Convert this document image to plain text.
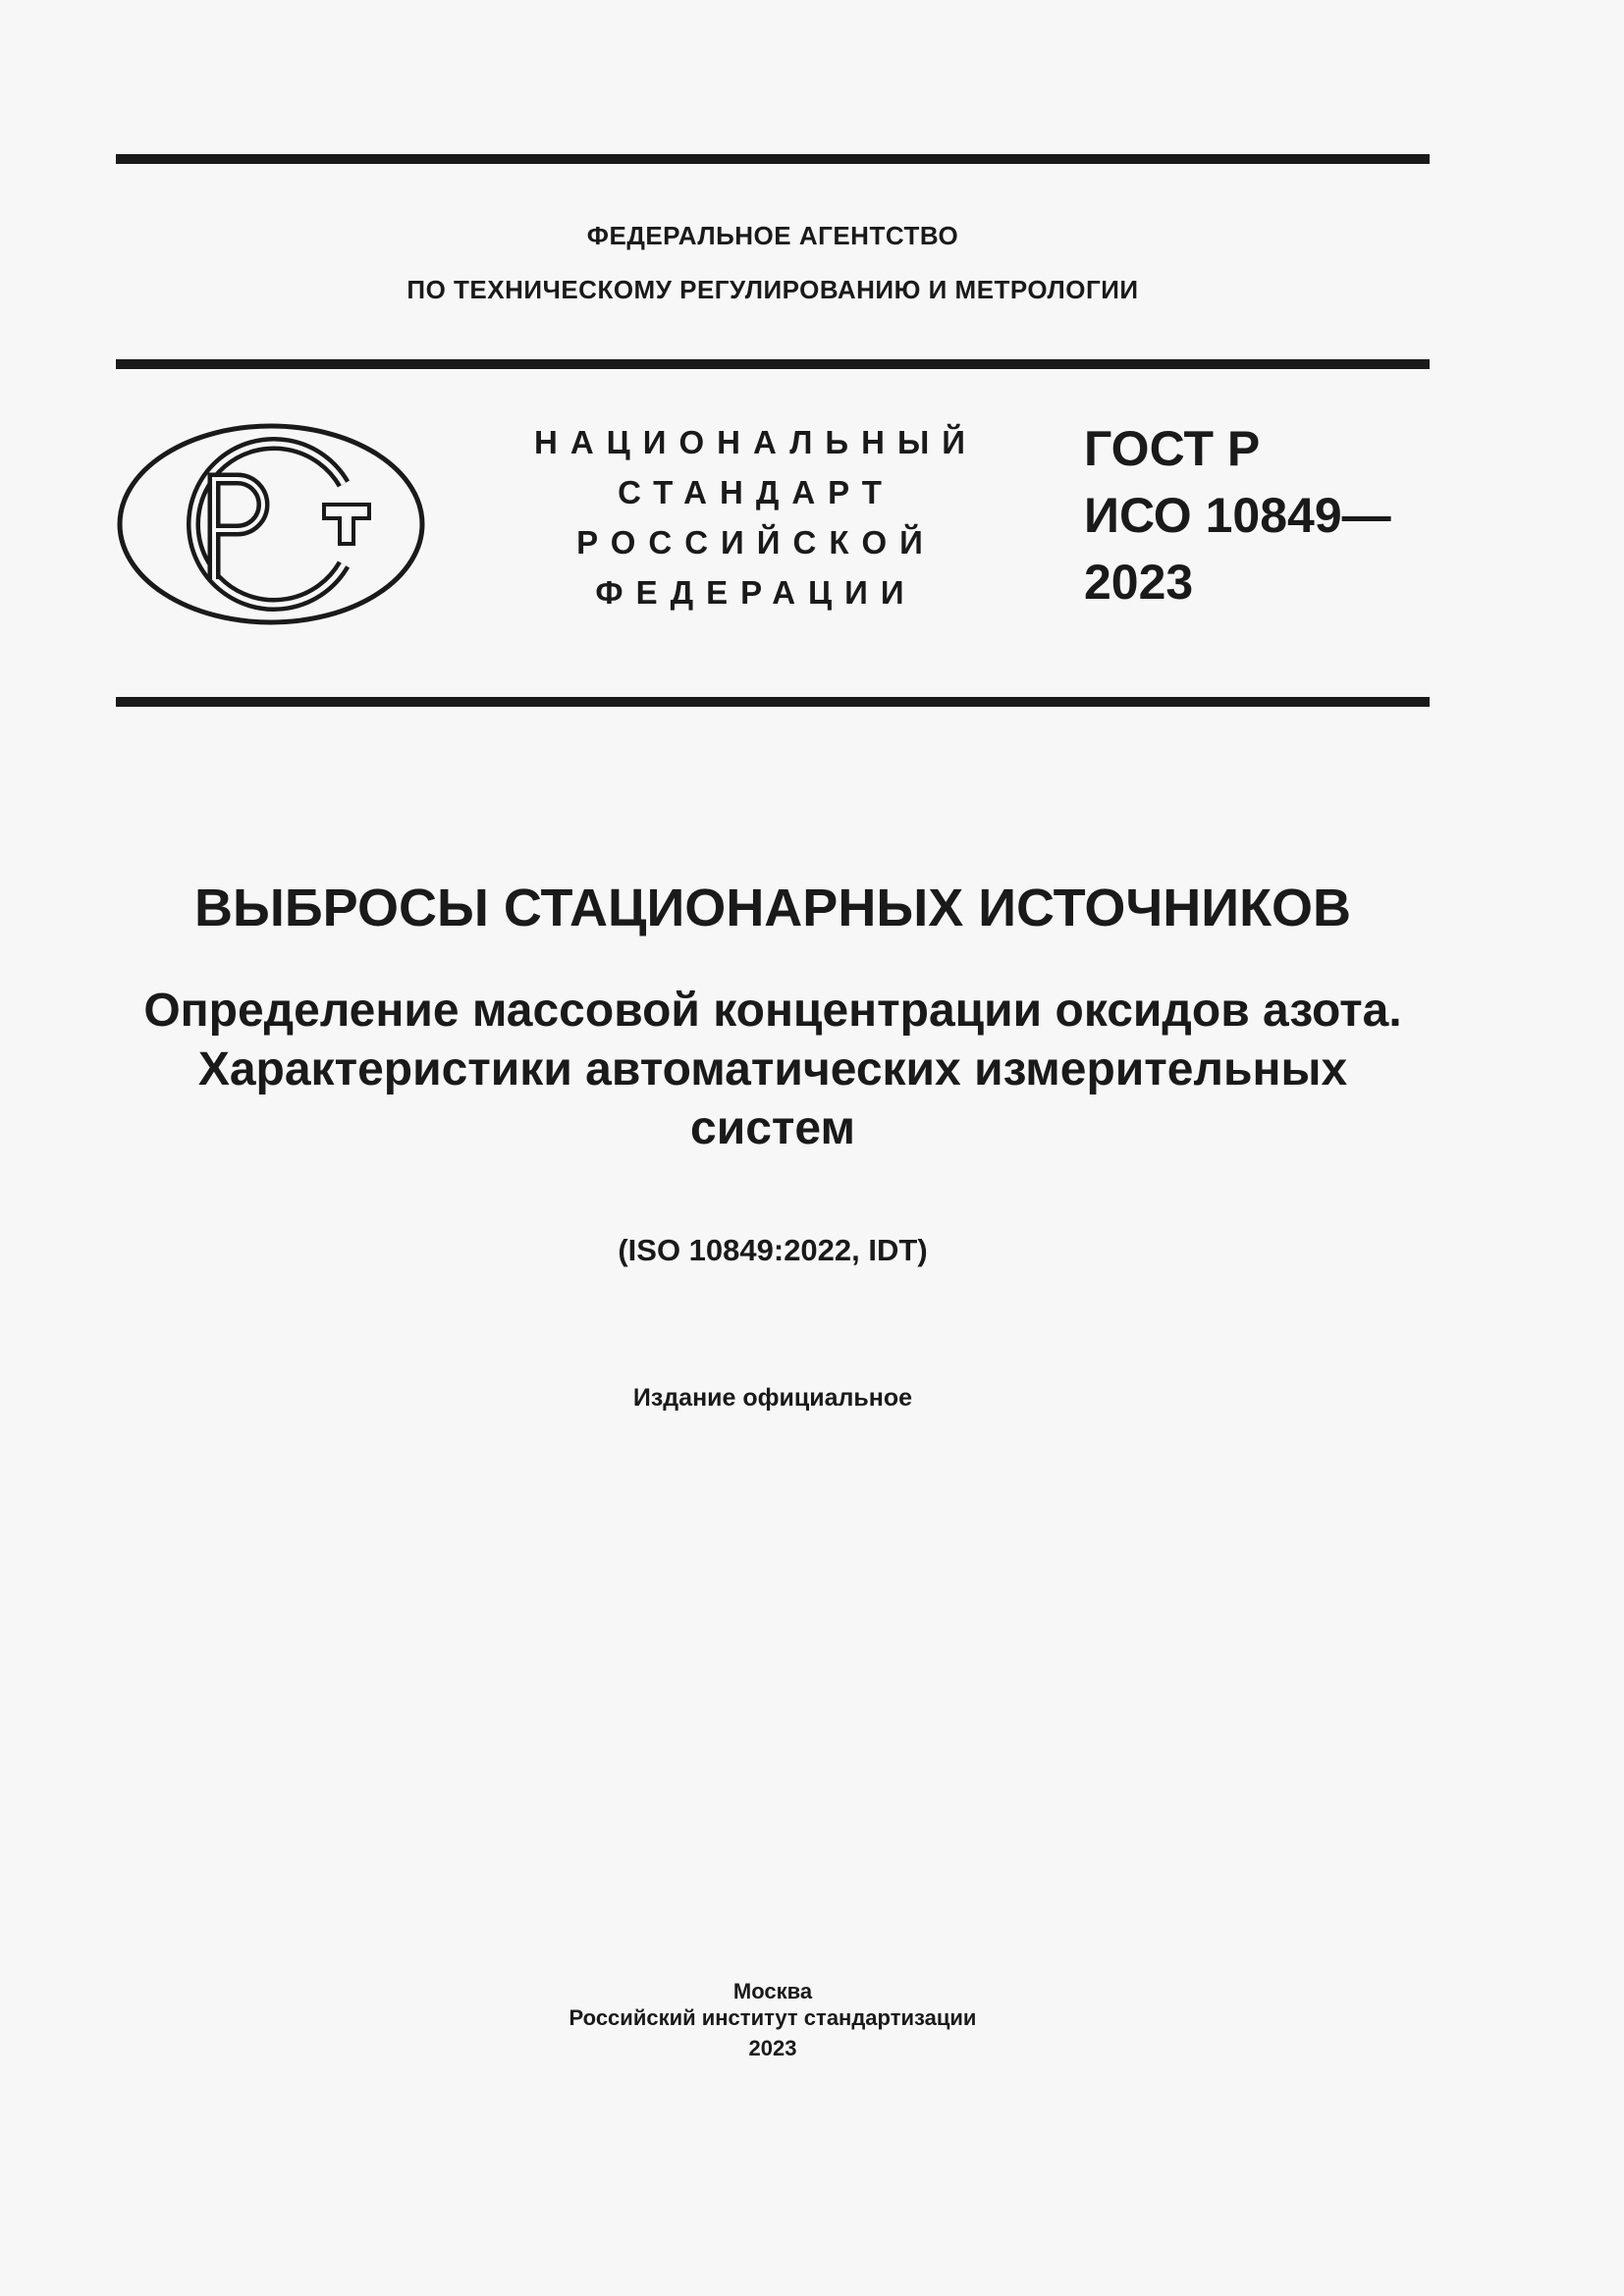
ФЕДЕРАЛЬНОЕ АГЕНТСТВО
ПО ТЕХНИЧЕСКОМУ РЕГУЛИРОВАНИЮ И МЕТРОЛОГИИ
НАЦИОНАЛЬНЫЙ
СТАНДАРТ
РОССИЙСКОЙ
ФЕДЕРАЦИИ
ГОСТ Р
ИСО 10849—
2023
ВЫБРОСЫ СТАЦИОНАРНЫХ ИСТОЧНИКОВ
Определение массовой концентрации оксидов азота.
Характеристики автоматических измерительных
систем
(ISO 10849:2022, IDT)
Издание официальное
Москва
Российский институт стандартизации
2023
